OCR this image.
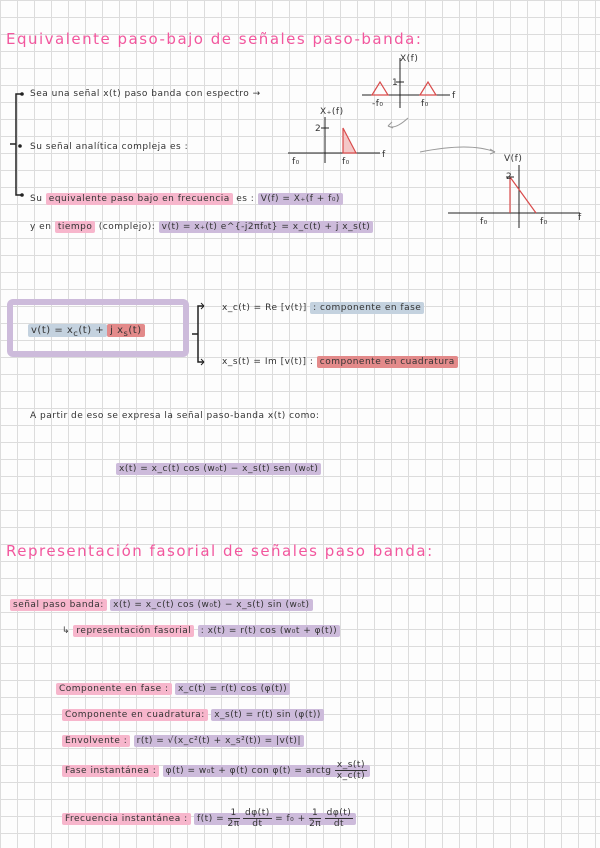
Equivalente paso-bajo de señales paso-banda:
Sea una señal x(t) paso banda con espectro →
Su señal analítica compleja es :
Su equivalente paso bajo en frecuencia es : V(f) = X₊(f + f₀)
y en tiempo (complejo): v(t) = x₊(t) e^{-j2πf₀t} = x_c(t) + j x_s(t)
X(f)
f
-f₀	f₀
1
X₊(f)
f
f₀	f₀
2
V(f)
f
f₀	f₀
2
$v(t) = x_c(t) + j$ $x_s(t)$
x_c(t) = Re [v(t)] : componente en fase
x_s(t) = Im [v(t)] : componente en cuadratura
A partir de eso se expresa la señal paso-banda x(t) como:
x(t) = x_c(t) cos (w₀t) − x_s(t) sen (w₀t)
Representación fasorial de señales paso banda:
señal paso banda: x(t) = x_c(t) cos (w₀t) − x_s(t) sin (w₀t)
↳ representación fasorial : x(t) = r(t) cos (w₀t + φ(t))
Componente en fase : x_c(t) = r(t) cos (φ(t))
Componente en cuadratura: x_s(t) = r(t) sin (φ(t))
Envolvente : r(t) = √(x_c²(t) + x_s²(t)) = |v(t)|
Fase instantánea : φ(t) = w₀t + φ(t) con φ(t) = arctg $\frac{x\_s(t)}{x\_c(t)}$
Frecuencia instantánea : $f(t) = \frac{1}{2\pi}$
$\frac{d\varphi(t)}{dt} = f_0 + \frac{1}{2\pi}$
$\frac{d\varphi(t)}{dt}$
